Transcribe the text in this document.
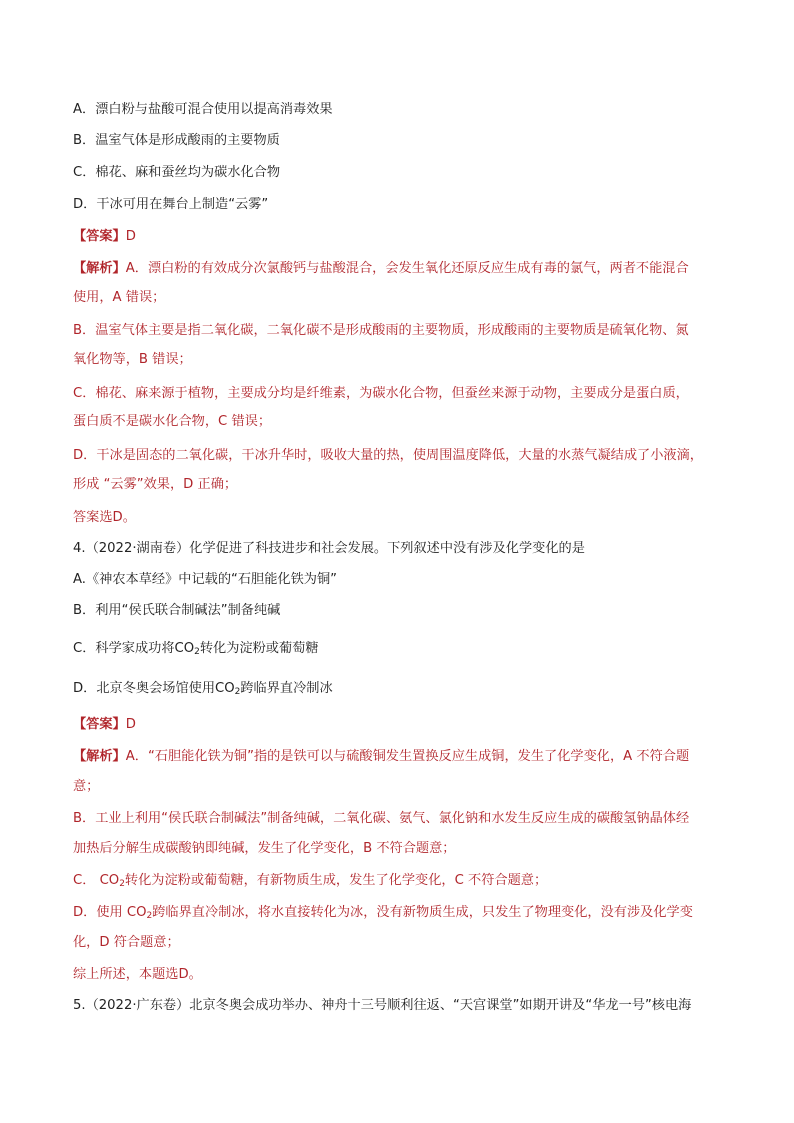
A．漂白粉与盐酸可混合使用以提高消毒效果
B．温室气体是形成酸雨的主要物质
C．棉花、麻和蚕丝均为碳水化合物
D．干冰可用在舞台上制造“云雾”
【答案】D
【解析】A．漂白粉的有效成分次氯酸钙与盐酸混合，会发生氧化还原反应生成有毒的氯气，两者不能混合
使用，A 错误；
B．温室气体主要是指二氧化碳，二氧化碳不是形成酸雨的主要物质，形成酸雨的主要物质是硫氧化物、氮
氧化物等，B 错误；
C．棉花、麻来源于植物，主要成分均是纤维素，为碳水化合物，但蚕丝来源于动物，主要成分是蛋白质，
蛋白质不是碳水化合物，C 错误；
D．干冰是固态的二氧化碳，干冰升华时，吸收大量的热，使周围温度降低，大量的水蒸气凝结成了小液滴，
形成 “云雾”效果，D 正确；
答案选D。
4.（2022·湖南卷）化学促进了科技进步和社会发展。下列叙述中没有涉及化学变化的是
A.《神农本草经》中记载的“石胆能化铁为铜”
B．利用“侯氏联合制碱法”制备纯碱
C．科学家成功将$CO_2$转化为淀粉或葡萄糖
D．北京冬奥会场馆使用$CO_2$跨临界直冷制冰
【答案】D
【解析】A．“石胆能化铁为铜”指的是铁可以与硫酸铜发生置换反应生成铜，发生了化学变化，A 不符合题
意；
B．工业上利用“侯氏联合制碱法”制备纯碱，二氧化碳、氨气、氯化钠和水发生反应生成的碳酸氢钠晶体经
加热后分解生成碳酸钠即纯碱，发生了化学变化，B 不符合题意；
C． $CO_2$转化为淀粉或葡萄糖，有新物质生成，发生了化学变化，C 不符合题意；
D．使用 $CO_2$跨临界直冷制冰，将水直接转化为冰，没有新物质生成，只发生了物理变化，没有涉及化学变
化，D 符合题意；
综上所述，本题选D。
5.（2022·广东卷）北京冬奥会成功举办、神舟十三号顺利往返、“天宫课堂”如期开讲及“华龙一号”核电海
